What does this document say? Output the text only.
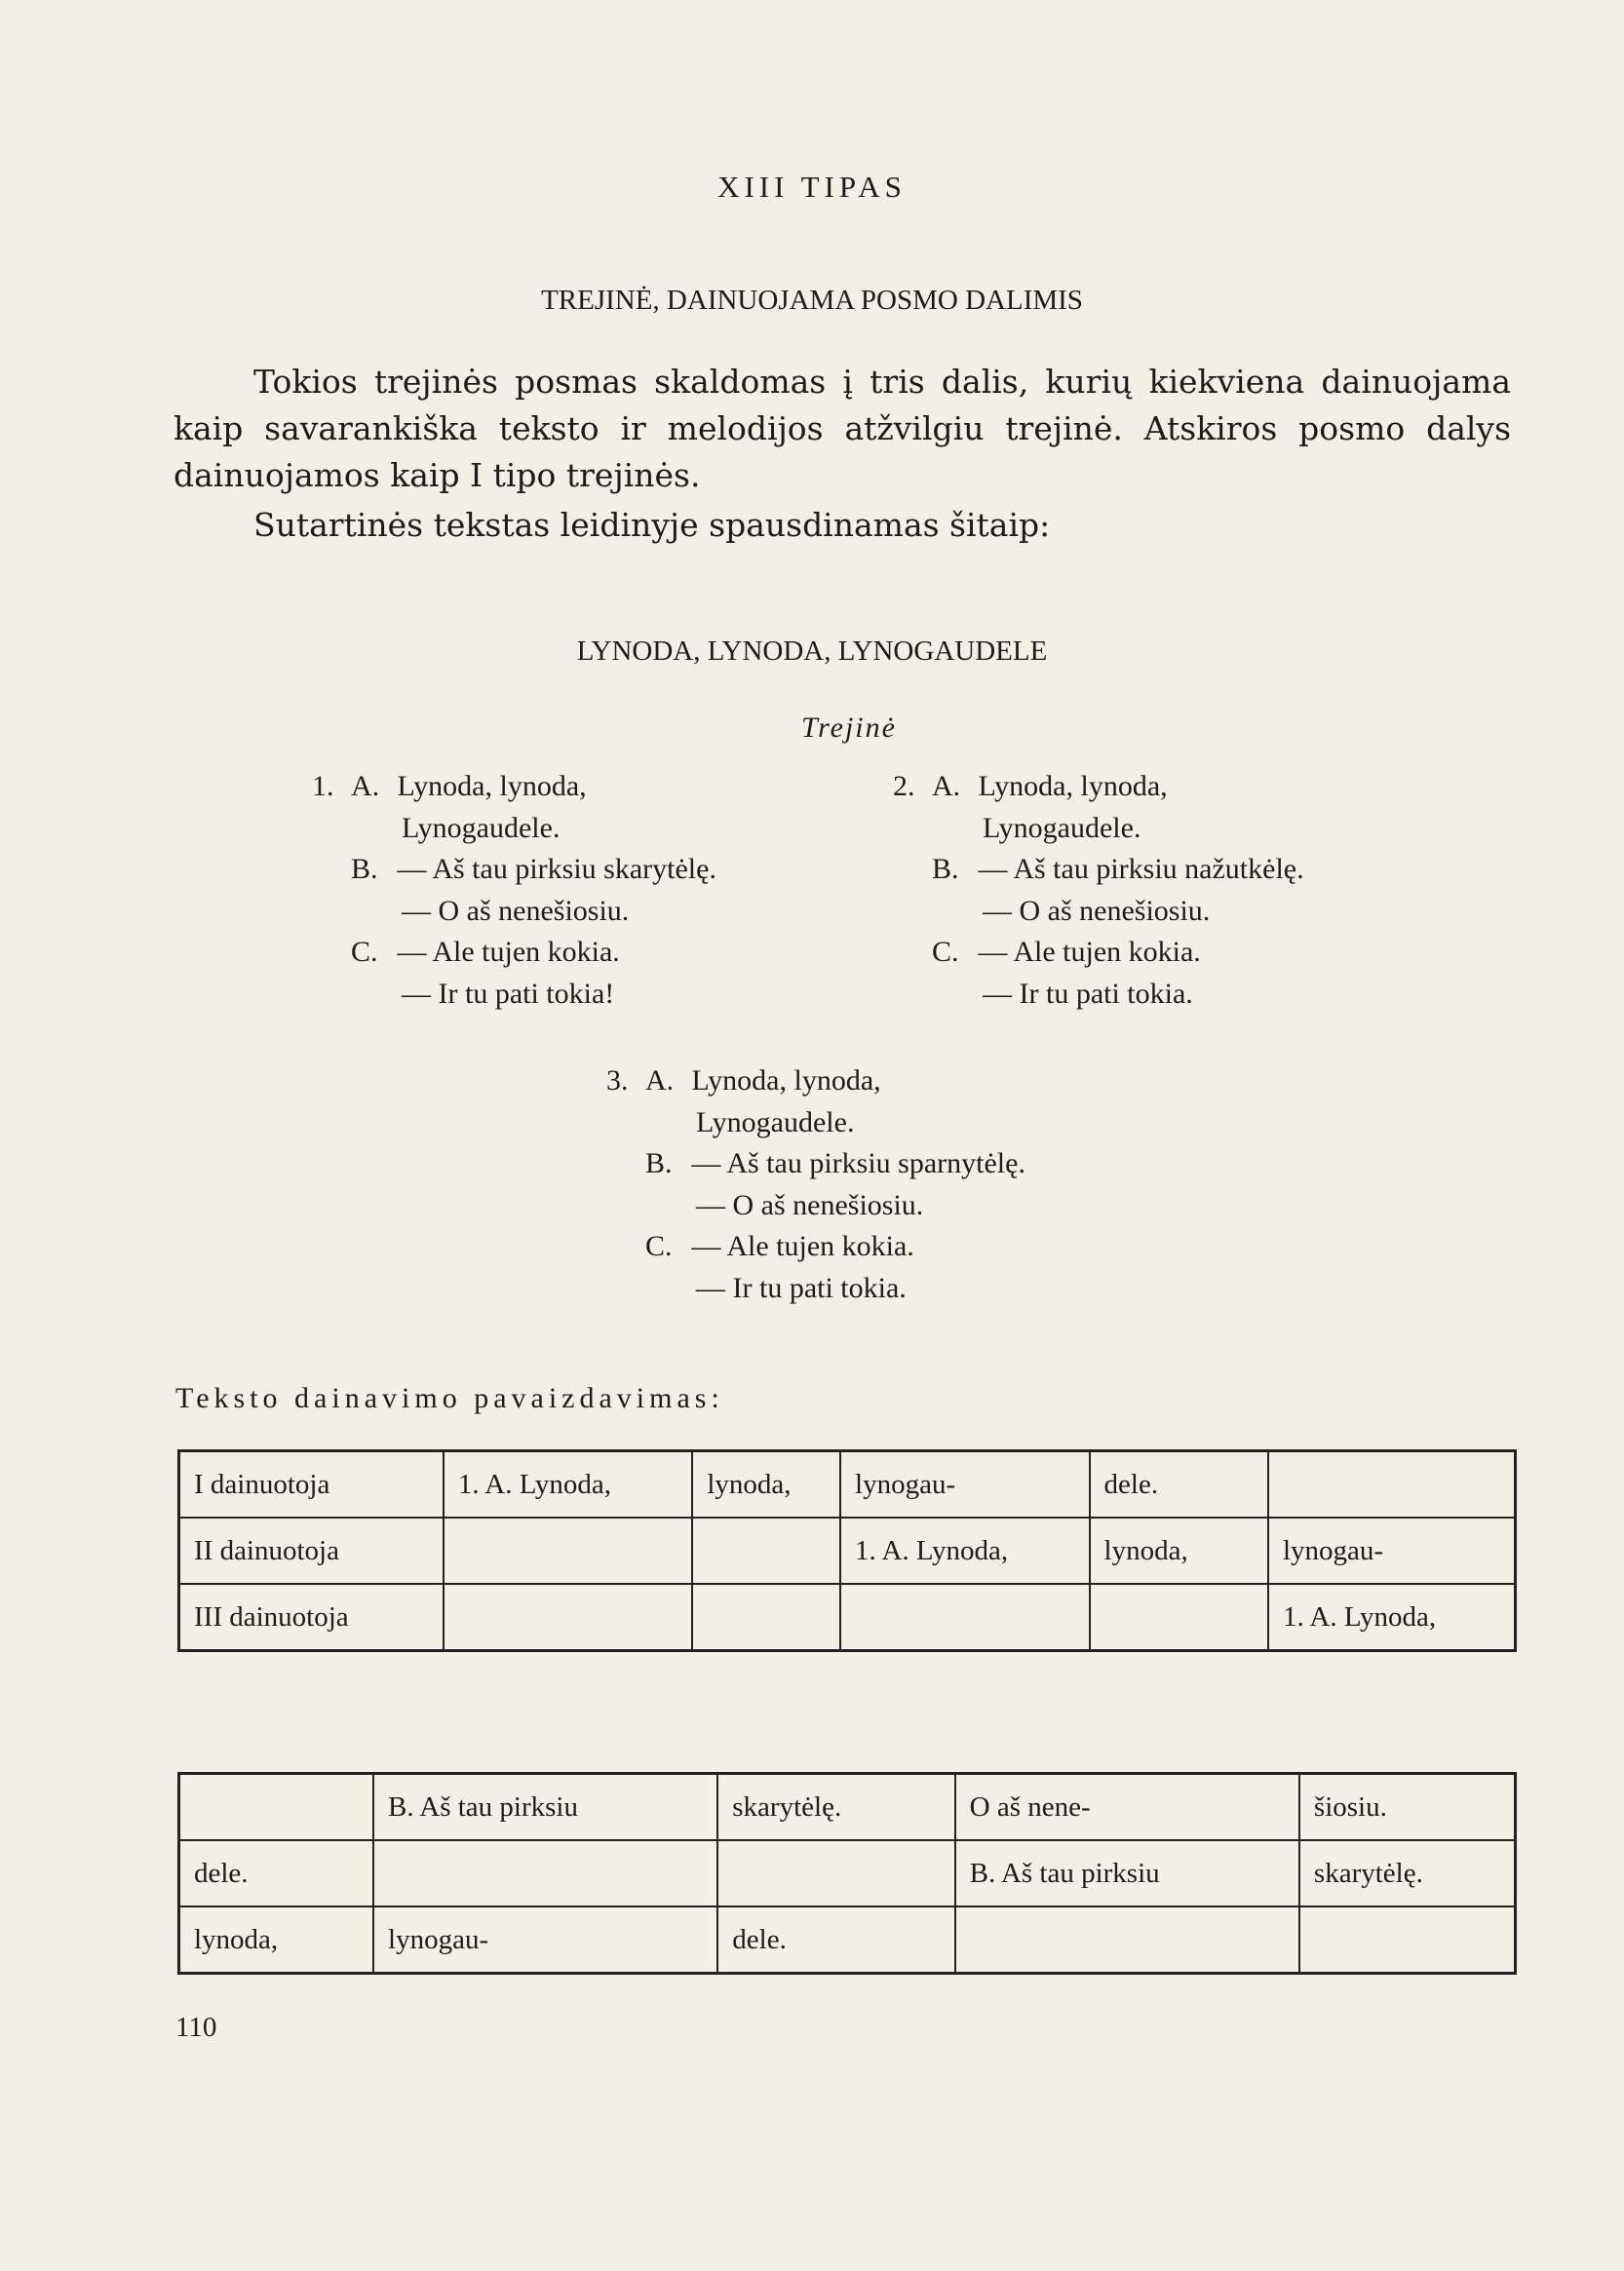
XIII TIPAS
TREJINĖ, DAINUOJAMA POSMO DALIMIS
Tokios trejinės posmas skaldomas į tris dalis, kurių kiekviena dainuojama kaip savarankiška teksto ir melodijos atžvilgiu trejinė. Atskiros posmo dalys dainuojamos kaip I tipo trejinės.
Sutartinės tekstas leidinyje spausdinamas šitaip:
LYNODA, LYNODA, LYNOGAUDELE
Trejinė
1. A. Lynoda, lynoda,
Lynogaudele.
B. — Aš tau pirksiu skarytėlę.
— O aš nenešiosiu.
C. — Ale tujen kokia.
— Ir tu pati tokia!
2. A. Lynoda, lynoda,
Lynogaudele.
B. — Aš tau pirksiu nažutkėlę.
— O aš nenešiosiu.
C. — Ale tujen kokia.
— Ir tu pati tokia.
3. A. Lynoda, lynoda,
Lynogaudele.
B. — Aš tau pirksiu sparnytėlę.
— O aš nenešiosiu.
C. — Ale tujen kokia.
— Ir tu pati tokia.
Teksto dainavimo pavaizdavimas:
I dainuotoja	1. A. Lynoda,	lynoda,	lynogau-	dele.	
II dainuotoja			1. A. Lynoda,	lynoda,	lynogau-
III dainuotoja					1. A. Lynoda,
	B. Aš tau pirksiu	skarytėlę.	O aš nene-	šiosiu.
dele.			B. Aš tau pirksiu	skarytėlę.
lynoda,	lynogau-	dele.		
110
